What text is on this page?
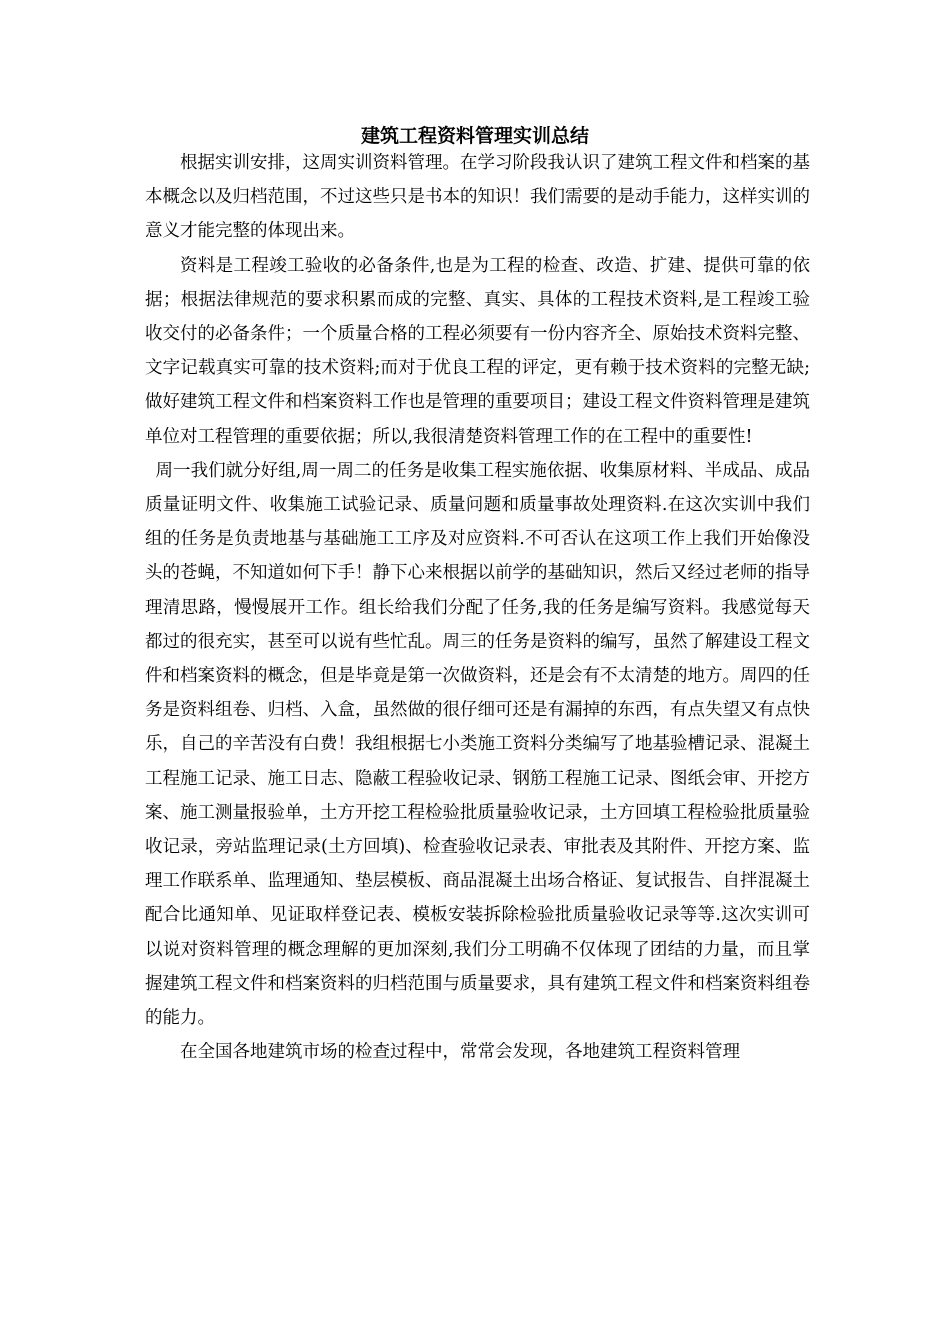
建筑工程资料管理实训总结

根据实训安排，这周实训资料管理。在学习阶段我认识了建筑工程文件和档案的基本概念以及归档范围，不过这些只是书本的知识！我们需要的是动手能力，这样实训的意义才能完整的体现出来。

资料是工程竣工验收的必备条件,也是为工程的检查、改造、扩建、提供可靠的依据；根据法律规范的要求积累而成的完整、真实、具体的工程技术资料,是工程竣工验收交付的必备条件；一个质量合格的工程必须要有一份内容齐全、原始技术资料完整、文字记载真实可靠的技术资料;而对于优良工程的评定，更有赖于技术资料的完整无缺;做好建筑工程文件和档案资料工作也是管理的重要项目；建设工程文件资料管理是建筑单位对工程管理的重要依据；所以,我很清楚资料管理工作的在工程中的重要性!

周一我们就分好组,周一周二的任务是收集工程实施依据、收集原材料、半成品、成品质量证明文件、收集施工试验记录、质量问题和质量事故处理资料.在这次实训中我们组的任务是负责地基与基础施工工序及对应资料.不可否认在这项工作上我们开始像没头的苍蝇，不知道如何下手！静下心来根据以前学的基础知识，然后又经过老师的指导理清思路，慢慢展开工作。组长给我们分配了任务,我的任务是编写资料。我感觉每天都过的很充实，甚至可以说有些忙乱。周三的任务是资料的编写，虽然了解建设工程文件和档案资料的概念，但是毕竟是第一次做资料，还是会有不太清楚的地方。周四的任务是资料组卷、归档、入盒，虽然做的很仔细可还是有漏掉的东西，有点失望又有点快乐，自己的辛苦没有白费！我组根据七小类施工资料分类编写了地基验槽记录、混凝土工程施工记录、施工日志、隐蔽工程验收记录、钢筋工程施工记录、图纸会审、开挖方案、施工测量报验单，土方开挖工程检验批质量验收记录，土方回填工程检验批质量验收记录，旁站监理记录(土方回填)、检查验收记录表、审批表及其附件、开挖方案、监理工作联系单、监理通知、垫层模板、商品混凝土出场合格证、复试报告、自拌混凝土配合比通知单、见证取样登记表、模板安装拆除检验批质量验收记录等等.这次实训可以说对资料管理的概念理解的更加深刻,我们分工明确不仅体现了团结的力量，而且掌握建筑工程文件和档案资料的归档范围与质量要求，具有建筑工程文件和档案资料组卷的能力。

在全国各地建筑市场的检查过程中，常常会发现，各地建筑工程资料管理
